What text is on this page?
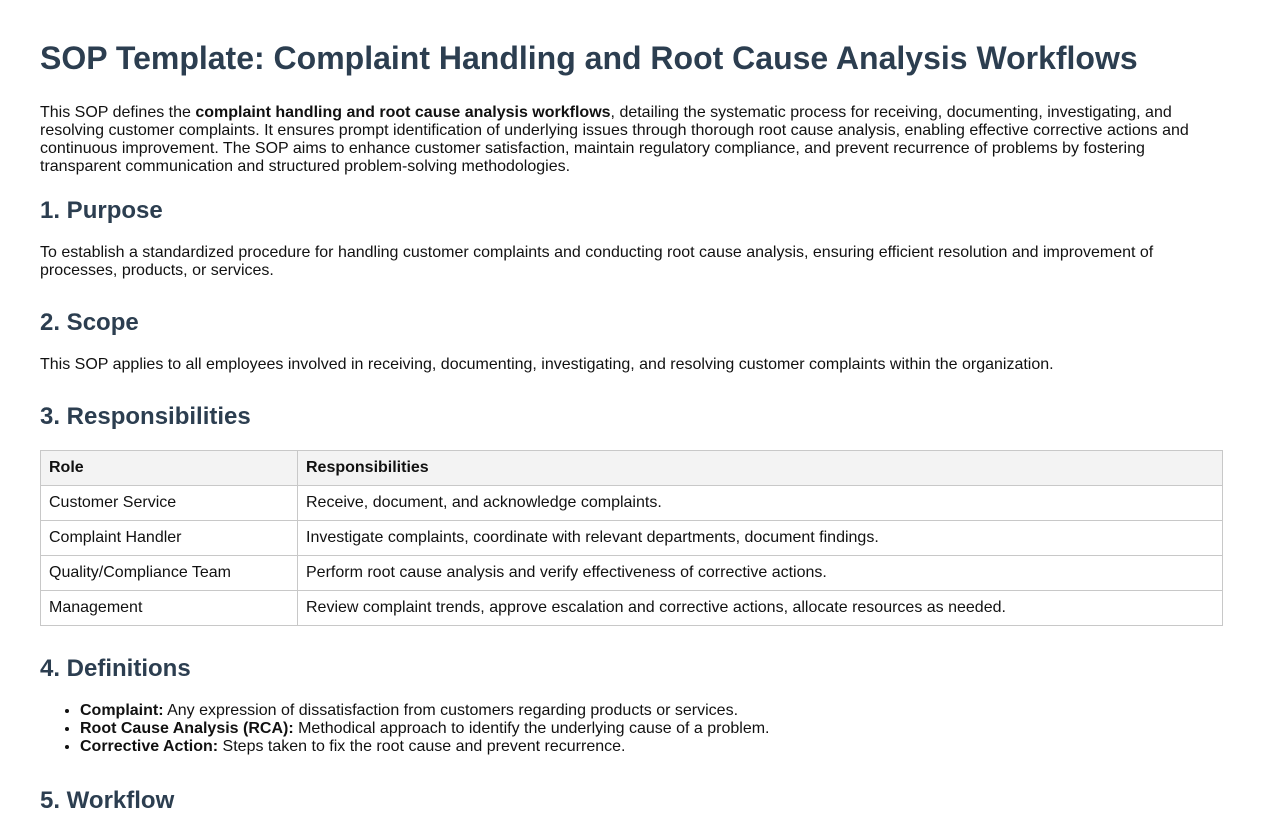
SOP Template: Complaint Handling and Root Cause Analysis Workflows

This SOP defines the complaint handling and root cause analysis workflows, detailing the systematic process for receiving, documenting, investigating, and resolving customer complaints. It ensures prompt identification of underlying issues through thorough root cause analysis, enabling effective corrective actions and continuous improvement. The SOP aims to enhance customer satisfaction, maintain regulatory compliance, and prevent recurrence of problems by fostering transparent communication and structured problem-solving methodologies.

1. Purpose

To establish a standardized procedure for handling customer complaints and conducting root cause analysis, ensuring efficient resolution and improvement of processes, products, or services.

2. Scope

This SOP applies to all employees involved in receiving, documenting, investigating, and resolving customer complaints within the organization.

3. Responsibilities
Role	Responsibilities
Customer Service	Receive, document, and acknowledge complaints.
Complaint Handler	Investigate complaints, coordinate with relevant departments, document findings.
Quality/Compliance Team	Perform root cause analysis and verify effectiveness of corrective actions.
Management	Review complaint trends, approve escalation and corrective actions, allocate resources as needed.
4. Definitions
• Complaint: Any expression of dissatisfaction from customers regarding products or services.
• Root Cause Analysis (RCA): Methodical approach to identify the underlying cause of a problem.
• Corrective Action: Steps taken to fix the root cause and prevent recurrence.
5. Workflow
